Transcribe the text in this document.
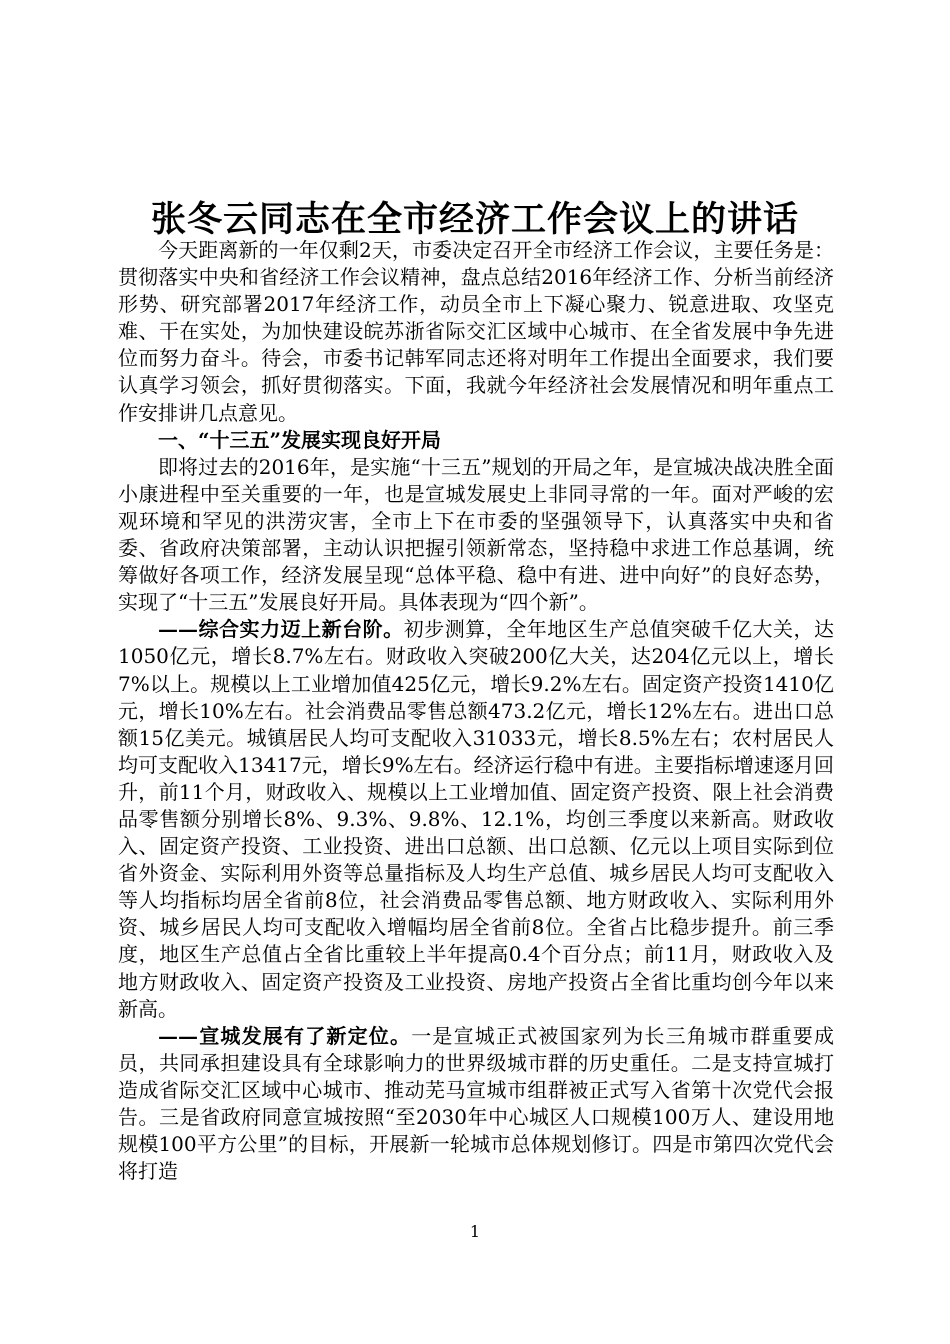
张冬云同志在全市经济工作会议上的讲话

今天距离新的一年仅剩2天，市委决定召开全市经济工作会议，主要任务是：贯彻落实中央和省经济工作会议精神，盘点总结2016年经济工作、分析当前经济形势、研究部署2017年经济工作，动员全市上下凝心聚力、锐意进取、攻坚克难、干在实处，为加快建设皖苏浙省际交汇区域中心城市、在全省发展中争先进位而努力奋斗。待会，市委书记韩军同志还将对明年工作提出全面要求，我们要认真学习领会，抓好贯彻落实。下面，我就今年经济社会发展情况和明年重点工作安排讲几点意见。

一、“十三五”发展实现良好开局

即将过去的2016年，是实施“十三五”规划的开局之年，是宣城决战决胜全面小康进程中至关重要的一年，也是宣城发展史上非同寻常的一年。面对严峻的宏观环境和罕见的洪涝灾害，全市上下在市委的坚强领导下，认真落实中央和省委、省政府决策部署，主动认识把握引领新常态，坚持稳中求进工作总基调，统筹做好各项工作，经济发展呈现“总体平稳、稳中有进、进中向好”的良好态势，实现了“十三五”发展良好开局。具体表现为“四个新”。

——综合实力迈上新台阶。初步测算，全年地区生产总值突破千亿大关，达1050亿元，增长8.7%左右。财政收入突破200亿大关，达204亿元以上，增长7%以上。规模以上工业增加值425亿元，增长9.2%左右。固定资产投资1410亿元，增长10%左右。社会消费品零售总额473.2亿元，增长12%左右。进出口总额15亿美元。城镇居民人均可支配收入31033元，增长8.5%左右；农村居民人均可支配收入13417元，增长9%左右。经济运行稳中有进。主要指标增速逐月回升，前11个月，财政收入、规模以上工业增加值、固定资产投资、限上社会消费品零售额分别增长8%、9.3%、9.8%、12.1%，均创三季度以来新高。财政收入、固定资产投资、工业投资、进出口总额、出口总额、亿元以上项目实际到位省外资金、实际利用外资等总量指标及人均生产总值、城乡居民人均可支配收入等人均指标均居全省前8位，社会消费品零售总额、地方财政收入、实际利用外资、城乡居民人均可支配收入增幅均居全省前8位。全省占比稳步提升。前三季度，地区生产总值占全省比重较上半年提高0.4个百分点；前11月，财政收入及地方财政收入、固定资产投资及工业投资、房地产投资占全省比重均创今年以来新高。

——宣城发展有了新定位。一是宣城正式被国家列为长三角城市群重要成员，共同承担建设具有全球影响力的世界级城市群的历史重任。二是支持宣城打造成省际交汇区域中心城市、推动芜马宣城市组群被正式写入省第十次党代会报告。三是省政府同意宣城按照“至2030年中心城区人口规模100万人、建设用地规模100平方公里”的目标，开展新一轮城市总体规划修订。四是市第四次党代会将打造

1
